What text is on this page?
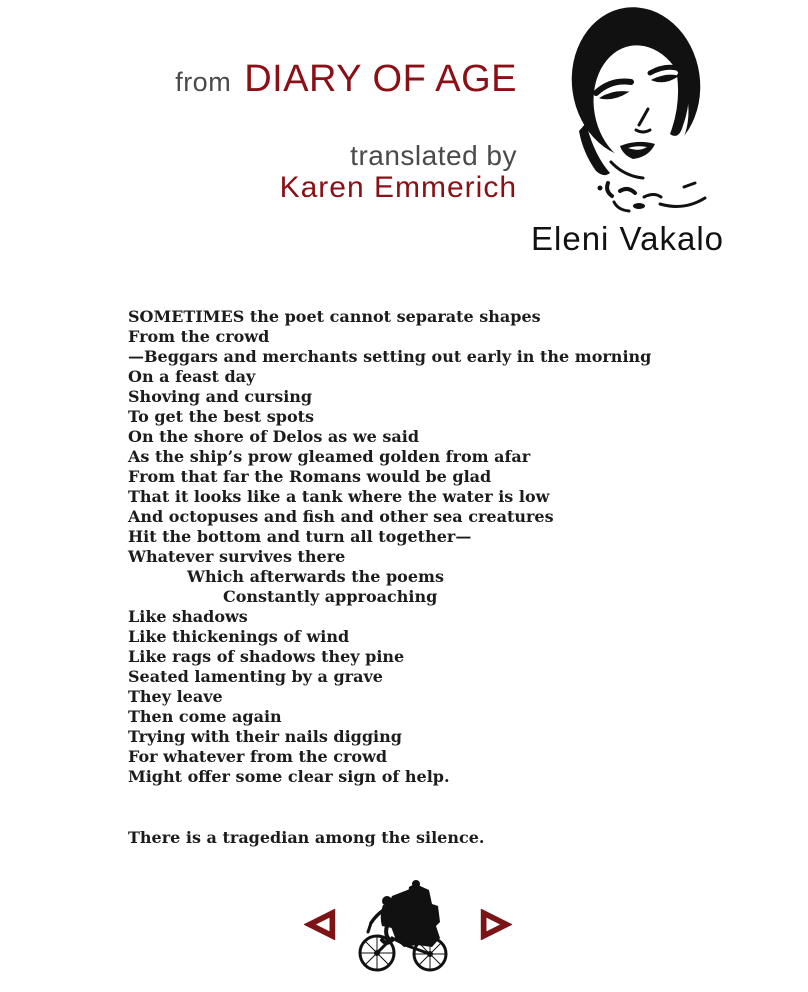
from DIARY OF AGE
translated by
Karen Emmerich
Eleni Vakalo
SOMETIMES the poet cannot separate shapes
From the crowd
—Beggars and merchants setting out early in the morning
On a feast day
Shoving and cursing
To get the best spots
On the shore of Delos as we said
As the ship’s prow gleamed golden from afar
From that far the Romans would be glad
That it looks like a tank where the water is low
And octopuses and fish and other sea creatures
Hit the bottom and turn all together—
Whatever survives there
Which afterwards the poems
Constantly approaching
Like shadows
Like thickenings of wind
Like rags of shadows they pine
Seated lamenting by a grave
They leave
Then come again
Trying with their nails digging
For whatever from the crowd
Might offer some clear sign of help.
There is a tragedian among the silence.
